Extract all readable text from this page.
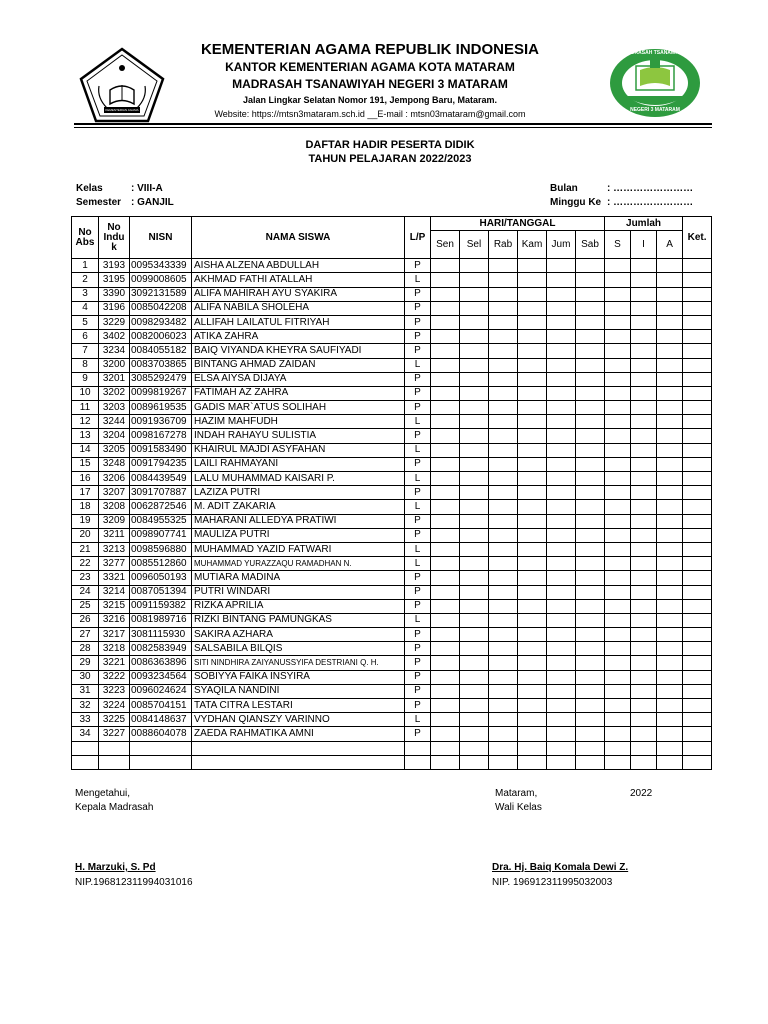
KEMENTERIAN AGAMA
KEMENTERIAN AGAMA REPUBLIK INDONESIA
KANTOR KEMENTERIAN AGAMA KOTA MATARAM
MADRASAH TSANAWIYAH NEGERI 3 MATARAM
Jalan Lingkar Selatan Nomor 191, Jempong Baru, Mataram.
Website: https://mtsn3mataram.sch.id __E-mail : mtsn03mataram@gmail.com
MADRASAH TSANAWIYAH
NEGERI 3 MATARAM
DAFTAR HADIR PESERTA DIDIK
TAHUN PELAJARAN 2022/2023
Kelas	: VIII-A
Semester : GANJIL
Bulan	: ……………………
Minggu Ke : ……………………
No Abs	No Indu k	NISN	NAMA SISWA	L/P	HARI/TANGGAL						Jumlah			Ket.
					Sen	Sel	Rab	Kam	Jum	Sab	S	I	A	
1	3193	0095343339	AISHA ALZENA ABDULLAH	P										
2	3195	0099008605	AKHMAD FATHI ATALLAH	L										
3	3390	3092131589	ALIFA MAHIRAH AYU SYAKIRA	P										
4	3196	0085042208	ALIFA NABILA SHOLEHA	P										
5	3229	0098293482	ALLIFAH LAILATUL FITRIYAH	P										
6	3402	0082006023	ATIKA ZAHRA	P										
7	3234	0084055182	BAIQ VIYANDA KHEYRA SAUFIYADI	P										
8	3200	0083703865	BINTANG AHMAD ZAIDAN	L										
9	3201	3085292479	ELSA AIYSA DIJAYA	P										
10	3202	0099819267	FATIMAH AZ ZAHRA	P										
11	3203	0089619535	GADIS MAR`ATUS SOLIHAH	P										
12	3244	0091936709	HAZIM MAHFUDH	L										
13	3204	0098167278	INDAH RAHAYU SULISTIA	P										
14	3205	0091583490	KHAIRUL MAJDI ASYFAHAN	L										
15	3248	0091794235	LAILI RAHMAYANI	P										
16	3206	0084439549	LALU MUHAMMAD KAISARI P.	L										
17	3207	3091707887	LAZIZA PUTRI	P										
18	3208	0062872546	M. ADIT ZAKARIA	L										
19	3209	0084955325	MAHARANI ALLEDYA PRATIWI	P										
20	3211	0098907741	MAULIZA PUTRI	P										
21	3213	0098596880	MUHAMMAD YAZID FATWARI	L										
22	3277	0085512860	MUHAMMAD YURAZZAQU RAMADHAN N.	L										
23	3321	0096050193	MUTIARA MADINA	P										
24	3214	0087051394	PUTRI WINDARI	P										
25	3215	0091159382	RIZKA APRILIA	P										
26	3216	0081989716	RIZKI BINTANG PAMUNGKAS	L										
27	3217	3081115930	SAKIRA AZHARA	P										
28	3218	0082583949	SALSABILA BILQIS	P										
29	3221	0086363896	SITI NINDHIRA ZAIYANUSSYIFA DESTRIANI Q. H.	P										
30	3222	0093234564	SOBIYYA FAIKA INSYIRA	P										
31	3223	0096024624	SYAQILA NANDINI	P										
32	3224	0085704151	TATA CITRA LESTARI	P										
33	3225	0084148637	VYDHAN QIANSZY VARINNO	L										
34	3227	0088604078	ZAEDA RAHMATIKA AMNI	P										

Mengetahui,
Kepala Madrasah
H. Marzuki, S. Pd
NIP.196812311994031016
Mataram,	2022
Wali Kelas
Dra. Hj. Baiq Komala Dewi Z.
NIP. 196912311995032003
